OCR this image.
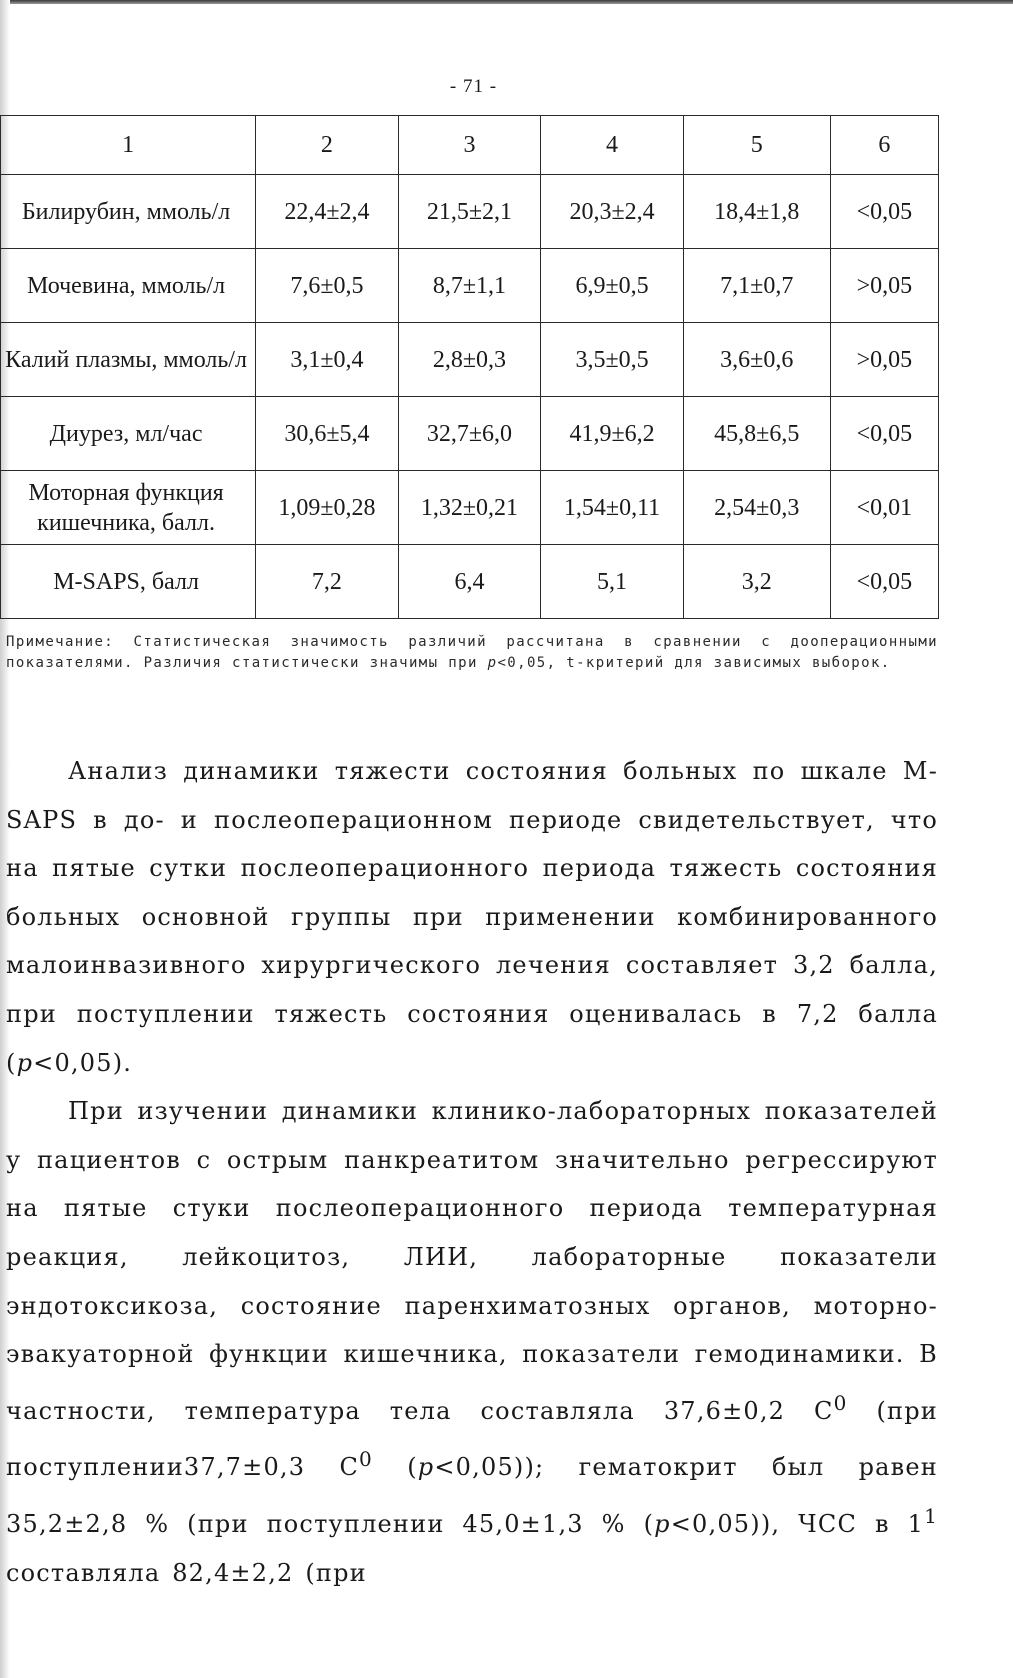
- 71 -
1	2	3	4	5	6
Билирубин, ммоль/л	22,4±2,4	21,5±2,1	20,3±2,4	18,4±1,8	<0,05
Мочевина, ммоль/л	7,6±0,5	8,7±1,1	6,9±0,5	7,1±0,7	>0,05
Калий плазмы, ммоль/л	3,1±0,4	2,8±0,3	3,5±0,5	3,6±0,6	>0,05
Диурез, мл/час	30,6±5,4	32,7±6,0	41,9±6,2	45,8±6,5	<0,05
Моторная функция кишечника, балл.	1,09±0,28	1,32±0,21	1,54±0,11	2,54±0,3	<0,01
M-SAPS, балл	7,2	6,4	5,1	3,2	<0,05
Примечание: Статистическая значимость различий рассчитана в сравнении с дооперационными показателями. Различия статистически значимы при p<0,05, t-критерий для зависимых выборок.

Анализ динамики тяжести состояния больных по шкале M-SAPS в до- и послеоперационном периоде свидетельствует, что на пятые сутки послеоперационного периода тяжесть состояния больных основной группы при применении комбинированного малоинвазивного хирургического лечения составляет 3,2 балла, при поступлении тяжесть состояния оценивалась в 7,2 балла (p<0,05).

При изучении динамики клинико-лабораторных показателей у пациентов с острым панкреатитом значительно регрессируют на пятые стуки послеоперационного периода температурная реакция, лейкоцитоз, ЛИИ, лабораторные показатели эндотоксикоза, состояние паренхиматозных органов, моторно-эвакуаторной функции кишечника, показатели гемодинамики. В частности, температура тела составляла 37,6±0,2 $С^0$ (при поступлении37,7±0,3 $С^0$ (p<0,05)); гематокрит был равен 35,2±2,8 % (при поступлении 45,0±1,3 % (p<0,05)), ЧСС в $1^1$ составляла 82,4±2,2 (при
